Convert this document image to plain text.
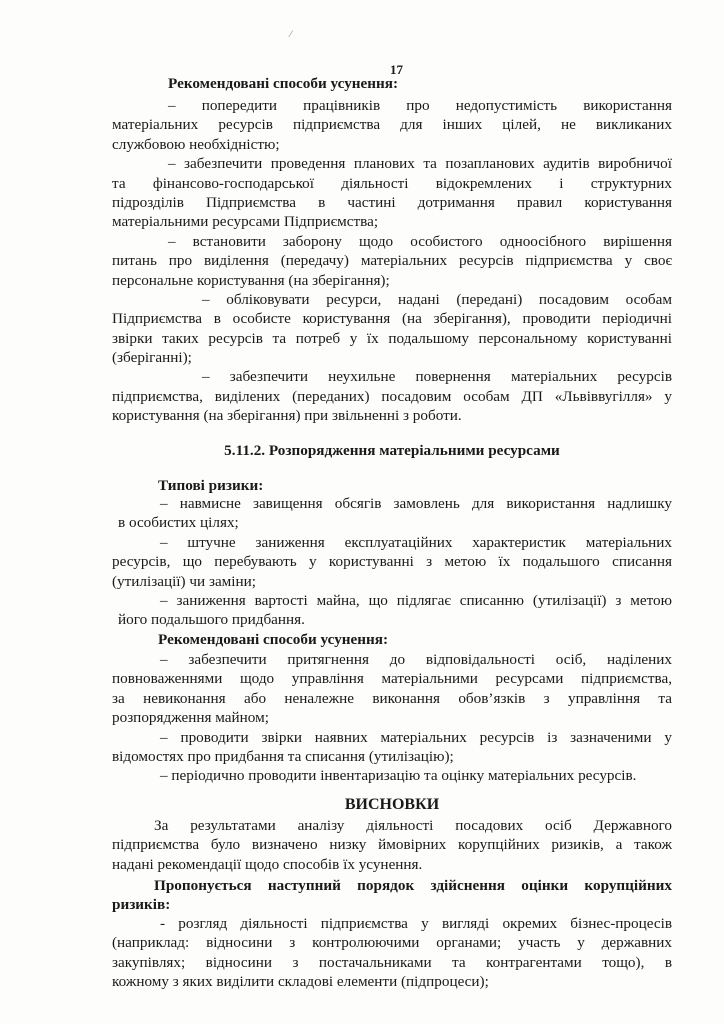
⁄
17
Рекомендовані способи усунення:
– попередити працівників про недопустимість використання
матеріальних ресурсів підприємства для інших цілей, не викликаних
службовою необхідністю;
– забезпечити проведення планових та позапланових аудитів виробничої
та фінансово-господарської діяльності відокремлених і структурних
підрозділів Підприємства в частині дотримання правил користування
матеріальними ресурсами Підприємства;
– встановити заборону щодо особистого одноосібного вирішення
питань про виділення (передачу) матеріальних ресурсів підприємства у своє
персональне користування (на зберігання);
– обліковувати ресурси, надані (передані) посадовим особам
Підприємства в особисте користування (на зберігання), проводити періодичні
звірки таких ресурсів та потреб у їх подальшому персональному користуванні
(зберіганні);
– забезпечити неухильне повернення матеріальних ресурсів
підприємства, виділених (переданих) посадовим особам ДП «Львіввугілля» у
користування (на зберігання) при звільненні з роботи.
5.11.2. Розпорядження матеріальними ресурсами
Типові ризики:
– навмисне завищення обсягів замовлень для використання надлишку
в особистих цілях;
– штучне заниження експлуатаційних характеристик матеріальних
ресурсів, що перебувають у користуванні з метою їх подальшого списання
(утилізації) чи заміни;
– заниження вартості майна, що підлягає списанню (утилізації) з метою
його подальшого придбання.
Рекомендовані способи усунення:
– забезпечити притягнення до відповідальності осіб, наділених
повноваженнями щодо управління матеріальними ресурсами підприємства,
за невиконання або неналежне виконання обов’язків з управління та
розпорядження майном;
– проводити звірки наявних матеріальних ресурсів із зазначеними у
відомостях про придбання та списання (утилізацію);
– періодично проводити інвентаризацію та оцінку матеріальних ресурсів.
ВИСНОВКИ
За результатами аналізу діяльності посадових осіб Державного
підприємства було визначено низку ймовірних корупційних ризиків, а також
надані рекомендації щодо способів їх усунення.
Пропонується наступний порядок здійснення оцінки корупційних
ризиків:
- розгляд діяльності підприємства у вигляді окремих бізнес-процесів
(наприклад: відносини з контролюючими органами; участь у державних
закупівлях; відносини з постачальниками та контрагентами тощо), в
кожному з яких виділити складові елементи (підпроцеси);
